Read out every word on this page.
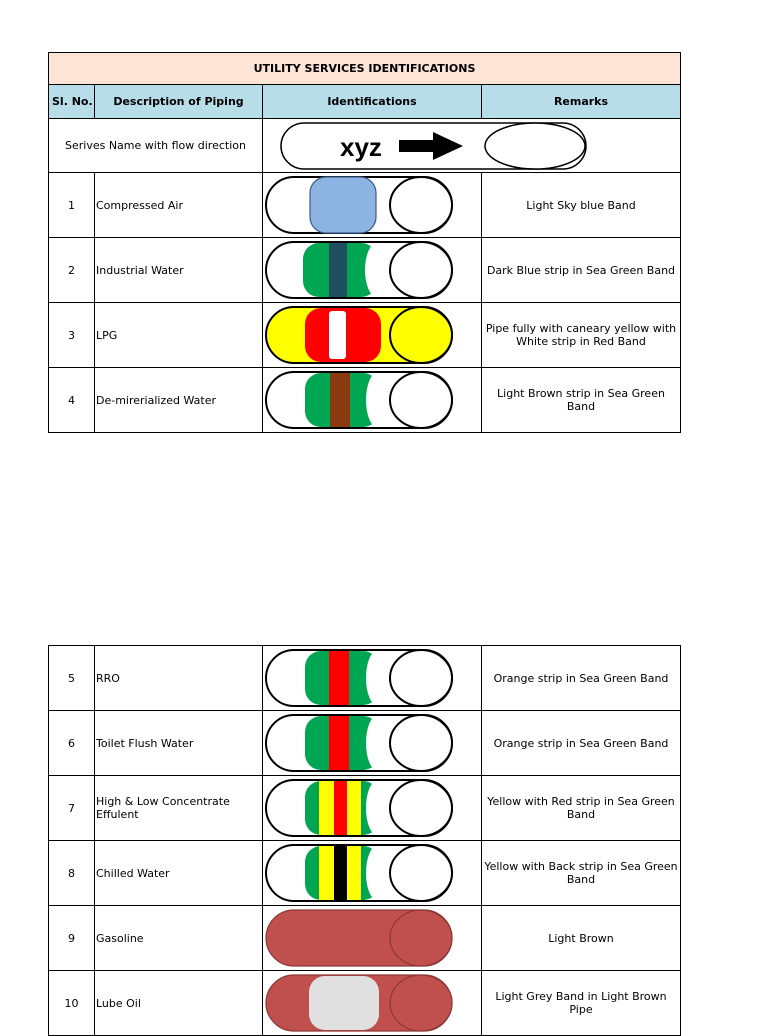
UTILITY SERVICES IDENTIFICATIONS			
Sl. No.	Description of Piping	Identifications	Remarks
Serives Name with flow direction		xyz	

1	Compressed Air		Light Sky blue Band
2	Industrial Water		Dark Blue strip in Sea Green Band
3	LPG		Pipe fully with caneary yellow with White strip in Red Band
4	De-mirerialized Water		Light Brown strip in Sea Green Band
5	RRO		Orange strip in Sea Green Band
6	Toilet Flush Water		Orange strip in Sea Green Band
7	High & Low Concentrate Effulent		Yellow with Red strip in Sea Green Band
8	Chilled Water		Yellow with Back strip in Sea Green Band
9	Gasoline		Light Brown
10	Lube Oil		Light Grey Band in Light Brown Pipe
